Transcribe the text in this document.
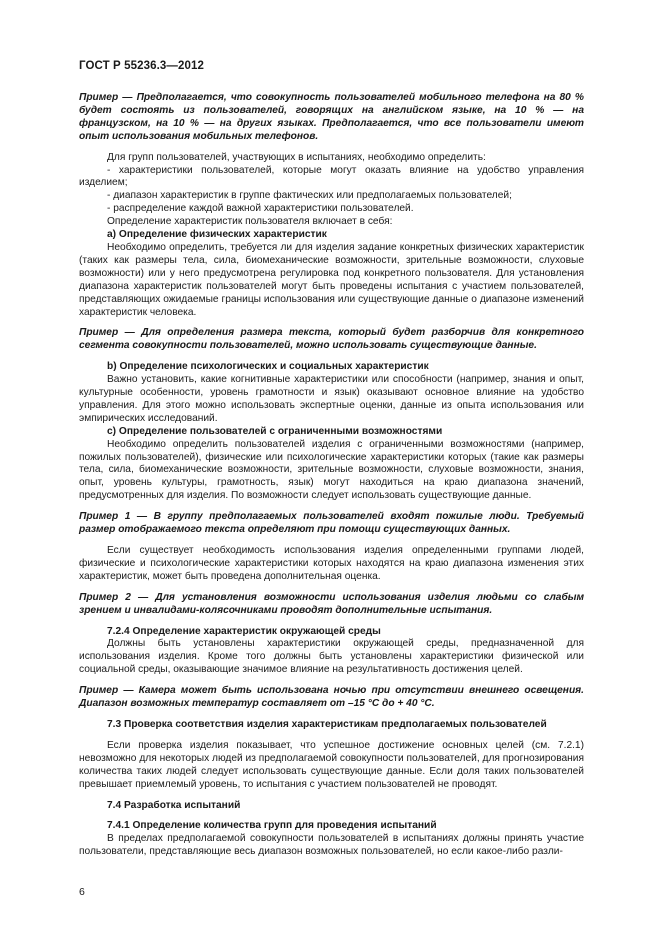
ГОСТ Р 55236.3—2012

Пример — Предполагается, что совокупность пользователей мобильного телефона на 80 % будет состоять из пользователей, говорящих на английском языке, на 10 % — на французском, на 10 % — на других языках. Предполагается, что все пользователи имеют опыт использования мобильных телефонов.

Для групп пользователей, участвующих в испытаниях, необходимо определить:

- характеристики пользователей, которые могут оказать влияние на удобство управления изделием;

- диапазон характеристик в группе фактических или предполагаемых пользователей;

- распределение каждой важной характеристики пользователей.

Определение характеристик пользователя включает в себя:

a) Определение физических характеристик

Необходимо определить, требуется ли для изделия задание конкретных физических характеристик (таких как размеры тела, сила, биомеханические возможности, зрительные возможности, слуховые возможности) или у него предусмотрена регулировка под конкретного пользователя. Для установления диапазона характеристик пользователей могут быть проведены испытания с участием пользователей, представляющих ожидаемые границы использования или существующие данные о диапазоне изменений характеристик человека.

Пример — Для определения размера текста, который будет разборчив для конкретного сегмента совокупности пользователей, можно использовать существующие данные.

b) Определение психологических и социальных характеристик

Важно установить, какие когнитивные характеристики или способности (например, знания и опыт, культурные особенности, уровень грамотности и язык) оказывают основное влияние на удобство управления. Для этого можно использовать экспертные оценки, данные из опыта использования или эмпирических исследований.

c) Определение пользователей с ограниченными возможностями

Необходимо определить пользователей изделия с ограниченными возможностями (например, пожилых пользователей), физические или психологические характеристики которых (такие как размеры тела, сила, биомеханические возможности, зрительные возможности, слуховые возможности, знания, опыт, уровень культуры, грамотность, язык) могут находиться на краю диапазона значений, предусмотренных для изделия. По возможности следует использовать существующие данные.

Пример 1 — В группу предполагаемых пользователей входят пожилые люди. Требуемый размер отображаемого текста определяют при помощи существующих данных.

Если существует необходимость использования изделия определенными группами людей, физические и психологические характеристики которых находятся на краю диапазона изменения этих характеристик, может быть проведена дополнительная оценка.

Пример 2 — Для установления возможности использования изделия людьми со слабым зрением и инвалидами-колясочниками проводят дополнительные испытания.

7.2.4 Определение характеристик окружающей среды

Должны быть установлены характеристики окружающей среды, предназначенной для использования изделия. Кроме того должны быть установлены характеристики физической или социальной среды, оказывающие значимое влияние на результативность достижения целей.

Пример — Камера может быть использована ночью при отсутствии внешнего освещения. Диапазон возможных температур составляет от –15 °С до + 40 °С.

7.3 Проверка соответствия изделия характеристикам предполагаемых пользователей

Если проверка изделия показывает, что успешное достижение основных целей (см. 7.2.1) невозможно для некоторых людей из предполагаемой совокупности пользователей, для прогнозирования количества таких людей следует использовать существующие данные. Если доля таких пользователей превышает приемлемый уровень, то испытания с участием пользователей не проводят.

7.4 Разработка испытаний

7.4.1 Определение количества групп для проведения испытаний

В пределах предполагаемой совокупности пользователей в испытаниях должны принять участие пользователи, представляющие весь диапазон возможных пользователей, но если какое-либо разли-

6
